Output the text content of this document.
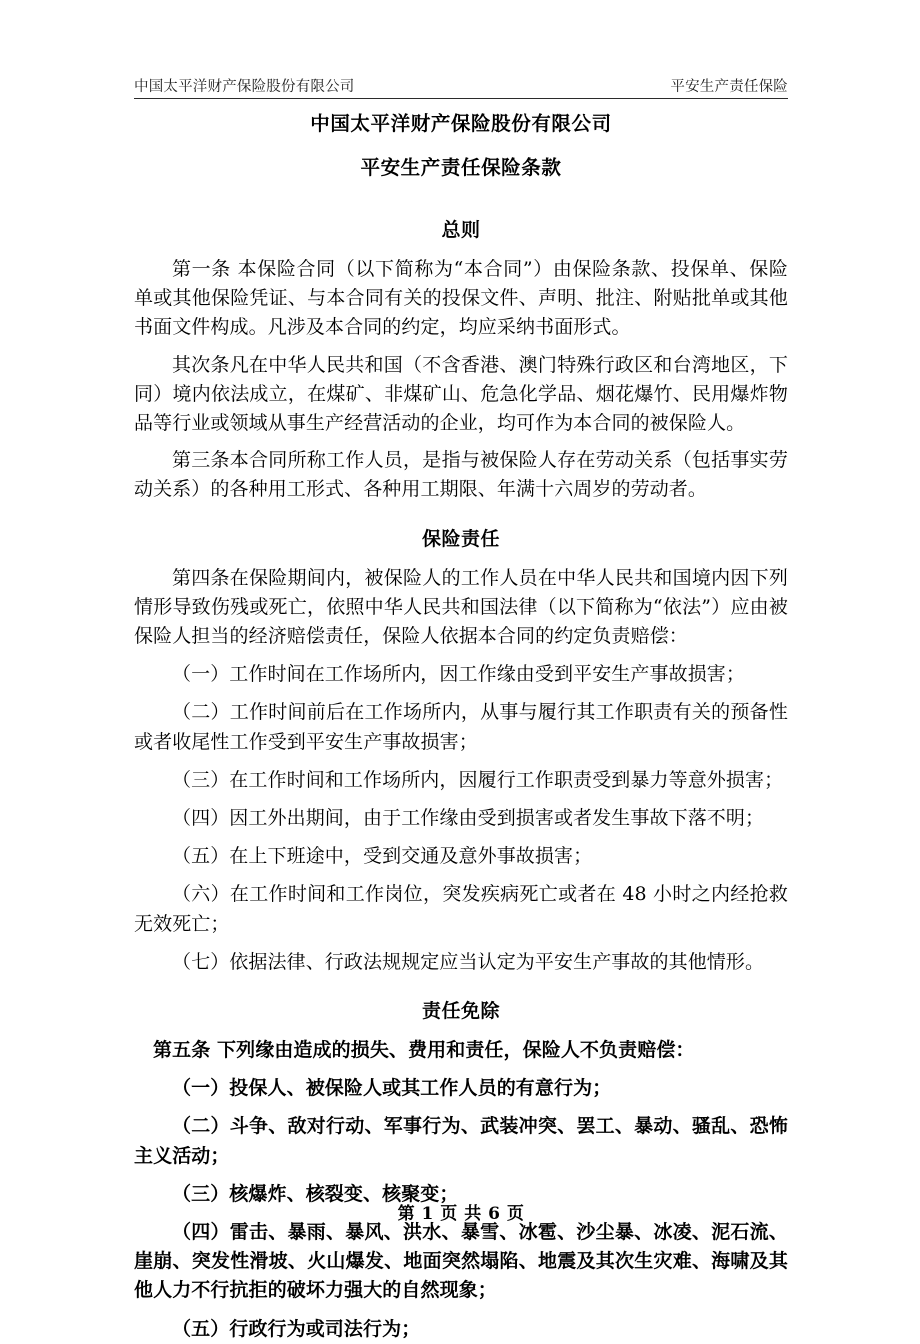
中国太平洋财产保险股份有限公司	平安生产责任保险
中国太平洋财产保险股份有限公司
平安生产责任保险条款
总则

第一条 本保险合同（以下简称为“本合同”）由保险条款、投保单、保险单或其他保险凭证、与本合同有关的投保文件、声明、批注、附贴批单或其他书面文件构成。凡涉及本合同的约定，均应采纳书面形式。

其次条凡在中华人民共和国（不含香港、澳门特殊行政区和台湾地区，下同）境内依法成立，在煤矿、非煤矿山、危急化学品、烟花爆竹、民用爆炸物品等行业或领域从事生产经营活动的企业，均可作为本合同的被保险人。

第三条本合同所称工作人员，是指与被保险人存在劳动关系（包括事实劳动关系）的各种用工形式、各种用工期限、年满十六周岁的劳动者。

保险责任

第四条在保险期间内，被保险人的工作人员在中华人民共和国境内因下列情形导致伤残或死亡，依照中华人民共和国法律（以下简称为“依法”）应由被保险人担当的经济赔偿责任，保险人依据本合同的约定负责赔偿：

（一）工作时间在工作场所内，因工作缘由受到平安生产事故损害；

（二）工作时间前后在工作场所内，从事与履行其工作职责有关的预备性或者收尾性工作受到平安生产事故损害；

（三）在工作时间和工作场所内，因履行工作职责受到暴力等意外损害；

（四）因工外出期间，由于工作缘由受到损害或者发生事故下落不明；

（五）在上下班途中，受到交通及意外事故损害；

（六）在工作时间和工作岗位，突发疾病死亡或者在 48 小时之内经抢救无效死亡；

（七）依据法律、行政法规规定应当认定为平安生产事故的其他情形。

责任免除

第五条 下列缘由造成的损失、费用和责任，保险人不负责赔偿：

（一）投保人、被保险人或其工作人员的有意行为；

（二）斗争、敌对行动、军事行为、武装冲突、罢工、暴动、骚乱、恐怖主义活动；

（三）核爆炸、核裂变、核聚变；

（四）雷击、暴雨、暴风、洪水、暴雪、冰雹、沙尘暴、冰凌、泥石流、崖崩、突发性滑坡、火山爆发、地面突然塌陷、地震及其次生灾难、海啸及其他人力不行抗拒的破坏力强大的自然现象；

（五）行政行为或司法行为；

第 1 页 共 6 页
